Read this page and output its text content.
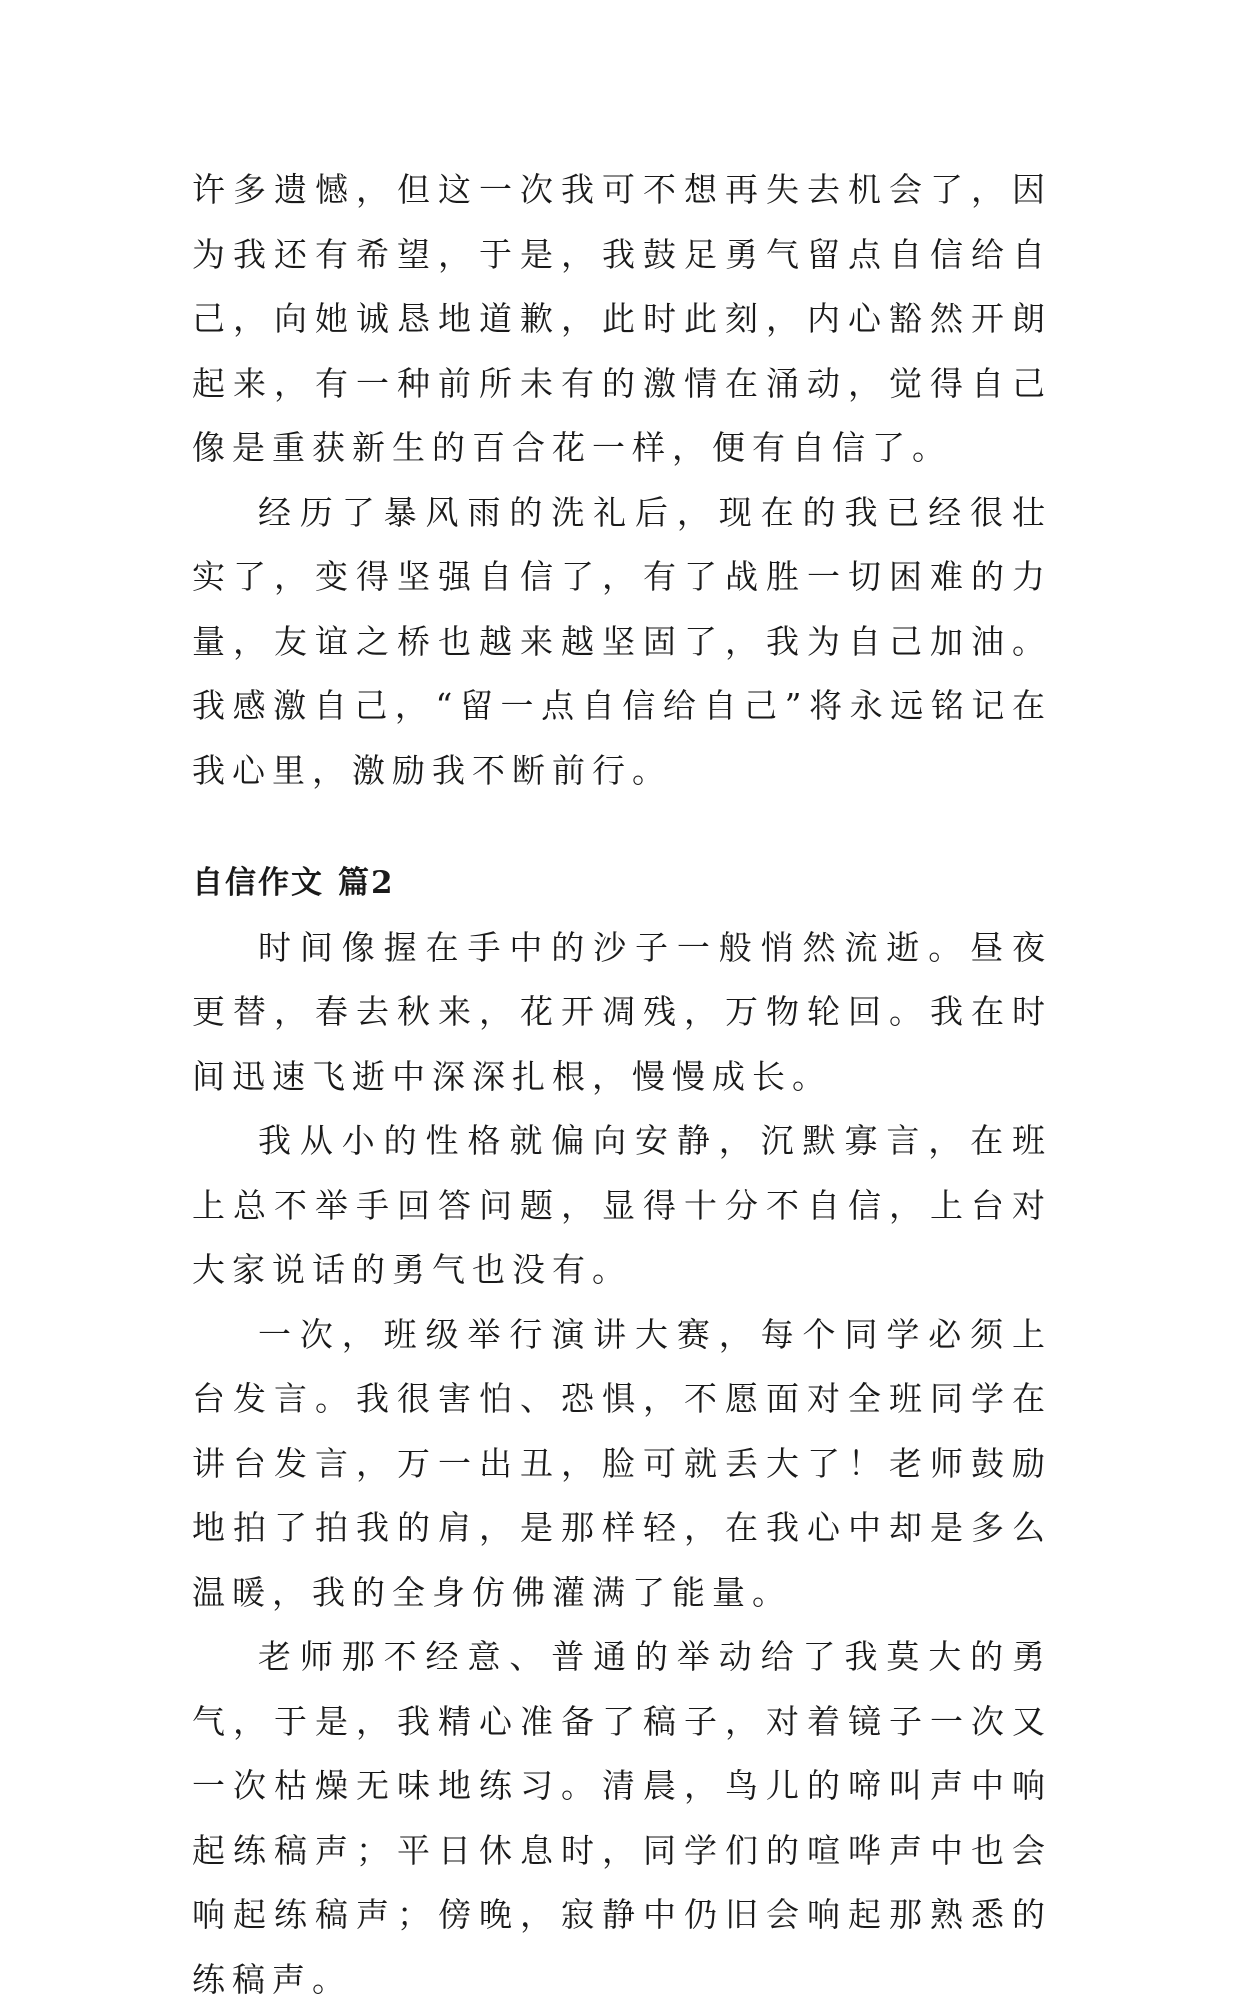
许多遗憾，但这一次我可不想再失去机会了，因为我还有希望，于是，我鼓足勇气留点自信给自己，向她诚恳地道歉，此时此刻，内心豁然开朗起来，有一种前所未有的激情在涌动，觉得自己像是重获新生的百合花一样，便有自信了。

经历了暴风雨的洗礼后，现在的我已经很壮实了，变得坚强自信了，有了战胜一切困难的力量，友谊之桥也越来越坚固了，我为自己加油。我感激自己，“留一点自信给自己”将永远铭记在我心里，激励我不断前行。

自信作文 篇2

时间像握在手中的沙子一般悄然流逝。昼夜更替，春去秋来，花开凋残，万物轮回。我在时间迅速飞逝中深深扎根，慢慢成长。

我从小的性格就偏向安静，沉默寡言，在班上总不举手回答问题，显得十分不自信，上台对大家说话的勇气也没有。

一次，班级举行演讲大赛，每个同学必须上台发言。我很害怕、恐惧，不愿面对全班同学在讲台发言，万一出丑，脸可就丢大了！老师鼓励地拍了拍我的肩，是那样轻，在我心中却是多么温暖，我的全身仿佛灌满了能量。

老师那不经意、普通的举动给了我莫大的勇气，于是，我精心准备了稿子，对着镜子一次又一次枯燥无味地练习。清晨，鸟儿的啼叫声中响起练稿声；平日休息时，同学们的喧哗声中也会响起练稿声；傍晚，寂静中仍旧会响起那熟悉的练稿声。
